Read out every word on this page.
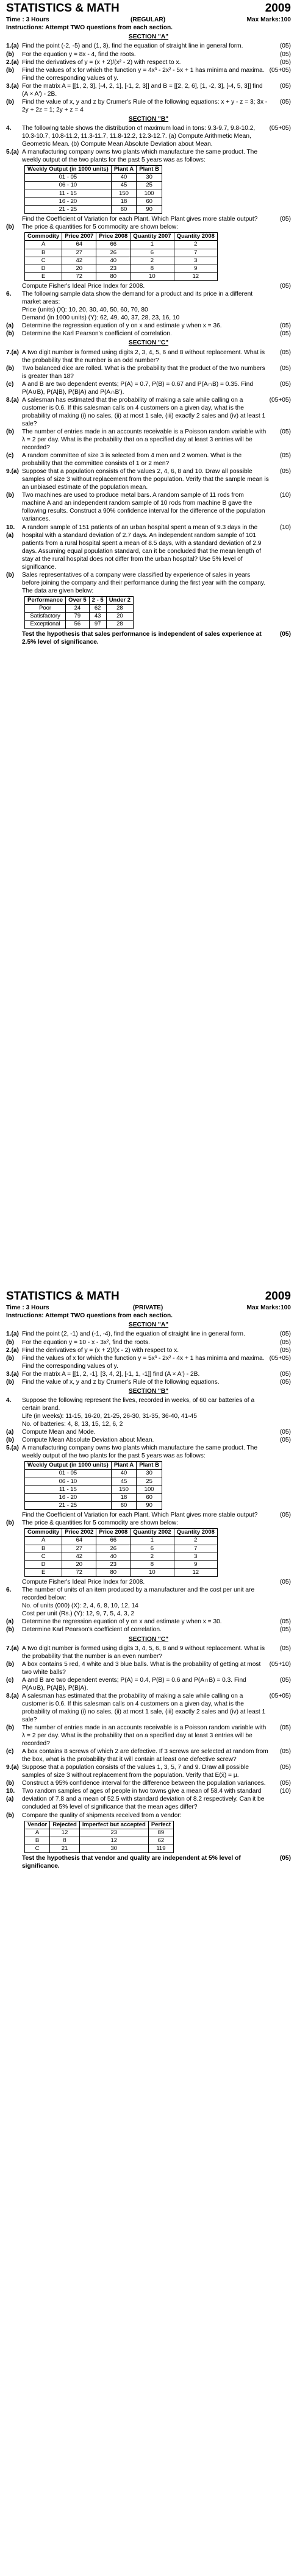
STATISTICS & MATH	2009
Time : 3 Hours	(REGULAR)	Max Marks:100
Instructions: Attempt TWO questions from each section.
SECTION "A"
1.(a) Find the point (-2, -5) and (1, 3), find the equation of straight line in general form.	(05)
(b)	For the equation y = 8x - 4, find the roots.	(05)
2.(a) Find the derivatives of y = (x + 2)/(x² - 2) with respect to x.	(05)
(b)	Find the values of x for which the function y = 4x³ - 2x² - 5x + 1 has minima and maxima. Find the corresponding values of y.
(05+05)
3.(a) For the matrix A = [[1, 2, 3], [-4, 2, 1], [-1, 2, 3]] and B = [[2, 2, 6], [1, -2, 3], [-4, 5, 3]] find (A × A') - 2B.
(05)
(b)	Find the value of x, y and z by Crumer's Rule of the following equations: x + y - z = 3; 3x - 2y + 2z = 1; 2y + z = 4
(05)
SECTION "B"
4.	The following table shows the distribution of maximum load in tons: 9.3-9.7, 9.8-10.2, 10.3-10.7, 10.8-11.2, 11.3-11.7, 11.8-12.2, 12.3-12.7. (a) Compute Arithmetic Mean, Geometric Mean. (b) Compute Mean Absolute Deviation about Mean.
(05+05)
5.(a) A manufacturing company owns two plants which manufacture the same product. The weekly output of the two plants for the past 5 years was as follows:
Weekly Output (in 1000 units)	Plant A	Plant B
01 - 05	40	30
06 - 10	45	25
11 - 15	150	100
16 - 20	18	60
21 - 25	60	90
Find the Coefficient of Variation for each Plant. Which Plant gives more stable output?	(05)
(b)	The price & quantities for 5 commodity are shown below:
Commodity	Price 2007	Price 2008	Quantity 2007	Quantity 2008
A	64	66	1	2
B	27	26	6	7
C	42	40	2	3
D	20	23	8	9
E	72	80	10	12
Compute Fisher's Ideal Price Index for 2008.	(05)
6.	The following sample data show the demand for a product and its price in a different market areas:
Price (units) (X): 10, 20, 30, 40, 50, 60, 70, 80
Demand (in 1000 units) (Y): 62, 49, 40, 37, 28, 23, 16, 10
(a)	Determine the regression equation of y on x and estimate y when x = 36.	(05)
(b)	Determine the Karl Pearson's coefficient of correlation.	(05)
SECTION "C"
7.(a) A two digit number is formed using digits 2, 3, 4, 5, 6 and 8 without replacement. What is the probability that the number is an odd number?
(05)
(b)	Two balanced dice are rolled. What is the probability that the product of the two numbers is greater than 18?
(05)
(c)	A and B are two dependent events; P(A) = 0.7, P(B) = 0.67 and P(A∩B) = 0.35. Find P(A∪B), P(A|B), P(B|A) and P(A∩B').
(05)
8.(a) A salesman has estimated that the probability of making a sale while calling on a customer is 0.6. If this salesman calls on 4 customers on a given day, what is the probability of making (i) no sales, (ii) at most 1 sale, (iii) exactly 2 sales and (iv) at least 1 sale?
(05+05)
(b)	The number of entries made in an accounts receivable is a Poisson random variable with λ = 2 per day. What is the probability that on a specified day at least 3 entries will be recorded?
(05)
(c)	A random committee of size 3 is selected from 4 men and 2 women. What is the probability that the committee consists of 1 or 2 men?
(05)
9.(a) Suppose that a population consists of the values 2, 4, 6, 8 and 10. Draw all possible samples of size 3 without replacement from the population. Verify that the sample mean is an unbiased estimate of the population mean.
(05)
(b)	Two machines are used to produce metal bars. A random sample of 11 rods from machine A and an independent random sample of 10 rods from machine B gave the following results. Construct a 90% confidence interval for the difference of the population variances.
(10)
10.(a)
A random sample of 151 patients of an urban hospital spent a mean of 9.3 days in the hospital with a standard deviation of 2.7 days. An independent random sample of 101 patients from a rural hospital spent a mean of 8.5 days, with a standard deviation of 2.9 days. Assuming equal population standard, can it be concluded that the mean length of stay at the rural hospital does not differ from the urban hospital? Use 5% level of significance.
(10)
(b)	Sales representatives of a company were classified by experience of sales in years before joining the company and their performance during the first year with the company. The data are given below:
Performance	Over 5	2 - 5	Under 2
Poor	24	62	28
Satisfactory	79	43	20
Exceptional	56	97	28
Test the hypothesis that sales performance is independent of sales experience at 2.5% level of significance.
(05)
STATISTICS & MATH	2009
Time : 3 Hours	(PRIVATE)	Max Marks:100
Instructions: Attempt TWO questions from each section.
SECTION "A"
1.(a) Find the point (2, -1) and (-1, -4), find the equation of straight line in general form.	(05)
(b)	For the equation y = 10 - x - 3x², find the roots.	(05)
2.(a) Find the derivatives of y = (x + 2)/(x - 2) with respect to x.	(05)
(b)	Find the values of x for which the function y = 5x³ - 2x² - 4x + 1 has minima and maxima. Find the corresponding values of y.
(05+05)
3.(a) For the matrix A = [[1, 2, -1], [3, 4, 2], [-1, 1, -1]] find (A × A') - 2B.	(05)
(b)	Find the value of x, y and z by Crumer's Rule of the following equations.	(05)
SECTION "B"
4.	Suppose the following represent the lives, recorded in weeks, of 60 car batteries of a certain brand.
Life (in weeks): 11-15, 16-20, 21-25, 26-30, 31-35, 36-40, 41-45
No. of batteries: 4, 8, 13, 15, 12, 6, 2
(a)	Compute Mean and Mode.	(05)
(b)	Compute Mean Absolute Deviation about Mean.	(05)
5.(a) A manufacturing company owns two plants which manufacture the same product. The weekly output of the two plants for the past 5 years was as follows:
Weekly Output (in 1000 units)	Plant A	Plant B
01 - 05	40	30
06 - 10	45	25
11 - 15	150	100
16 - 20	18	60
21 - 25	60	90
Find the Coefficient of Variation for each Plant. Which Plant gives more stable output?	(05)
(b)	The price & quantities for 5 commodity are shown below:
Commodity	Price 2002	Price 2008	Quantity 2002	Quantity 2008
A	64	66	1	2
B	27	26	6	7
C	42	40	2	3
D	20	23	8	9
E	72	80	10	12
Compute Fisher's Ideal Price Index for 2008.	(05)
6.	The number of units of an item produced by a manufacturer and the cost per unit are recorded below:
No. of units (000) (X): 2, 4, 6, 8, 10, 12, 14
Cost per unit (Rs.) (Y): 12, 9, 7, 5, 4, 3, 2
(a)	Determine the regression equation of y on x and estimate y when x = 30.	(05)
(b)	Determine Karl Pearson's coefficient of correlation.	(05)
SECTION "C"
7.(a) A two digit number is formed using digits 3, 4, 5, 6, 8 and 9 without replacement. What is the probability that the number is an even number?
(05)
(b)	A box contains 5 red, 4 white and 3 blue balls. What is the probability of getting at most two white balls?
(05+10)
(c)	A and B are two dependent events; P(A) = 0.4, P(B) = 0.6 and P(A∩B) = 0.3. Find P(A∪B), P(A|B), P(B|A).
(05)
8.(a) A salesman has estimated that the probability of making a sale while calling on a customer is 0.6. If this salesman calls on 4 customers on a given day, what is the probability of making (i) no sales, (ii) at most 1 sale, (iii) exactly 2 sales and (iv) at least 1 sale?
(05+05)
(b)	The number of entries made in an accounts receivable is a Poisson random variable with λ = 2 per day. What is the probability that on a specified day at least 3 entries will be recorded?
(05)
(c)	A box contains 8 screws of which 2 are defective. If 3 screws are selected at random from the box, what is the probability that it will contain at least one defective screw?
(05)
9.(a) Suppose that a population consists of the values 1, 3, 5, 7 and 9. Draw all possible samples of size 3 without replacement from the population. Verify that E(x̄) = μ.
(05)
(b)	Construct a 95% confidence interval for the difference between the population variances.	(05)
10.(a)
Two random samples of ages of people in two towns give a mean of 58.4 with standard deviation of 7.8 and a mean of 52.5 with standard deviation of 8.2 respectively. Can it be concluded at 5% level of significance that the mean ages differ?
(10)
(b)	Compare the quality of shipments received from a vendor:
Vendor	Rejected	Imperfect but accepted	Perfect
A	12	23	89
B	8	12	62
C	21	30	119
Test the hypothesis that vendor and quality are independent at 5% level of significance.
(05)
